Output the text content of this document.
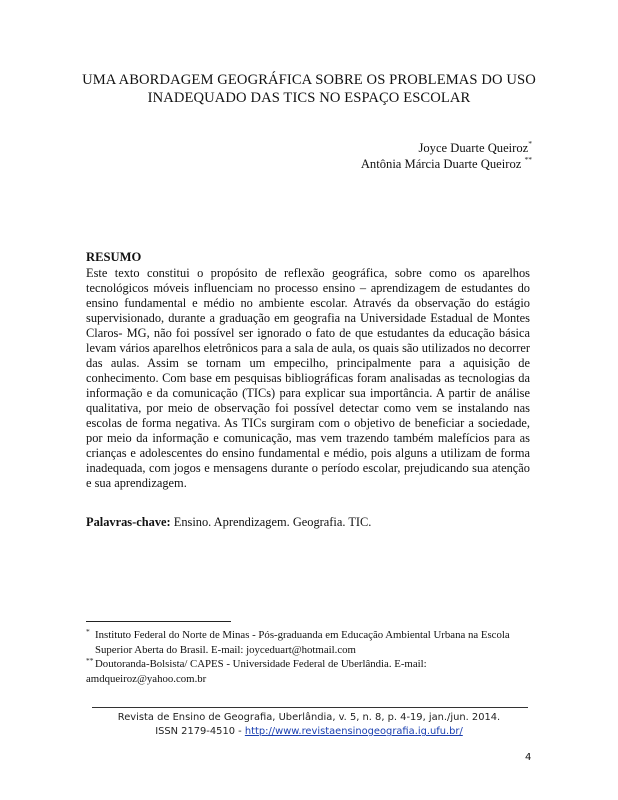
UMA ABORDAGEM GEOGRÁFICA SOBRE OS PROBLEMAS DO USO
INADEQUADO DAS TICS NO ESPAÇO ESCOLAR
Joyce Duarte Queiroz*
Antônia Márcia Duarte Queiroz **
RESUMO
Este texto constitui o propósito de reflexão geográfica, sobre como os aparelhos tecnológicos móveis influenciam no processo ensino – aprendizagem de estudantes do ensino fundamental e médio no ambiente escolar. Através da observação do estágio supervisionado, durante a graduação em geografia na Universidade Estadual de Montes Claros- MG, não foi possível ser ignorado o fato de que estudantes da educação básica levam vários aparelhos eletrônicos para a sala de aula, os quais são utilizados no decorrer das aulas. Assim se tornam um empecilho, principalmente para a aquisição de conhecimento. Com base em pesquisas bibliográficas foram analisadas as tecnologias da informação e da comunicação (TICs) para explicar sua importância. A partir de análise qualitativa, por meio de observação foi possível detectar como vem se instalando nas escolas de forma negativa. As TICs surgiram com o objetivo de beneficiar a sociedade, por meio da informação e comunicação, mas vem trazendo também malefícios para as crianças e adolescentes do ensino fundamental e médio, pois alguns a utilizam de forma inadequada, com jogos e mensagens durante o período escolar, prejudicando sua atenção e sua aprendizagem.
Palavras-chave: Ensino. Aprendizagem. Geografia. TIC.
* Instituto Federal do Norte de Minas - Pós-graduanda em Educação Ambiental Urbana na Escola Superior Aberta do Brasil. E-mail: joyceduart@hotmail.com
** Doutoranda-Bolsista/ CAPES - Universidade Federal de Uberlândia. E-mail:
amdqueiroz@yahoo.com.br
Revista de Ensino de Geografia, Uberlândia, v. 5, n. 8, p. 4-19, jan./jun. 2014.
ISSN 2179-4510 - http://www.revistaensinogeografia.ig.ufu.br/
4
